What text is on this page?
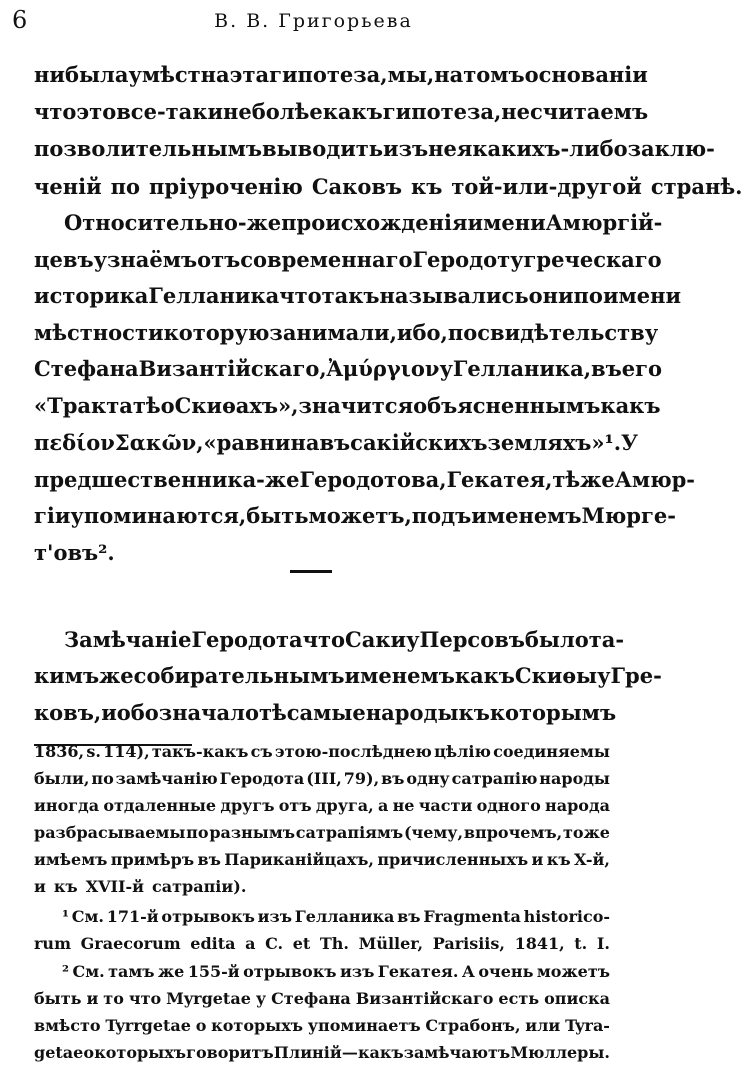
6	В. В. Григорьева
ни была умѣстна эта гипотеза, мы, на томъ основанiи
что это все-таки не болѣе какъ гипотеза, не считаемъ
позволительнымъ выводить изъ нея какихъ-либо заклю-
ченiй по прiуроченiю Саковъ къ той-или-другой странѣ.
Относительно-же происхожденiя имени Амюргiй-
цевъ узнаёмъ отъ современнаго Геродоту греческаго
историка Гелланика что такъ назывались они по имени
мѣстности которую занимали, ибо, по свидѣтельству
Стефана Византiйскаго, Ἀμύργιον у Гелланика, въ его
«Трактатѣ о Скиѳахъ», значится объясненнымъ какъ
πεδίον Σακῶν, «равнина въ сакiйскихъ земляхъ»¹. У
предшественника-же Геродотова, Гекатея, тѣже Амюр-
гiи упоминаются, быть можетъ, подъ именемъ Мюрге-
т'овъ².
Замѣчанiе Геродота что Саки у Персовъ было та-
кимъ же собирательнымъ именемъ какъ Скиѳы у Гре-
ковъ, и обозначало тѣ самые народы къ которымъ
1836, s. 114), такъ-какъ съ этою-послѣднею цѣлiю соединяемы
были, по замѣчанiю Геродота (III, 79), въ одну сатрапiю народы
иногда отдаленные другъ отъ друга, а не части одного народа
разбрасываемы по разнымъ сатрапiямъ (чему, впрочемъ, тоже
имѣемъ примѣръ въ Париканiйцахъ, причисленныхъ и къ X-й,
и къ XVII-й сатрапiи).
¹ См. 171-й отрывокъ изъ Гелланика въ Fragmenta historico-
rum Graecorum edita a C. et Th. Müller, Parisiis, 1841, t. I.
² См. тамъ же 155-й отрывокъ изъ Гекатея. А очень можетъ
быть и то что Myrgetae у Стефана Византiйскаго есть описка
вмѣсто Tyrrgetae о которыхъ упоминаетъ Страбонъ, или Tyra-
getae о которыхъ говоритъ Плинiй — какъ замѣчаютъ Мюллеры.
